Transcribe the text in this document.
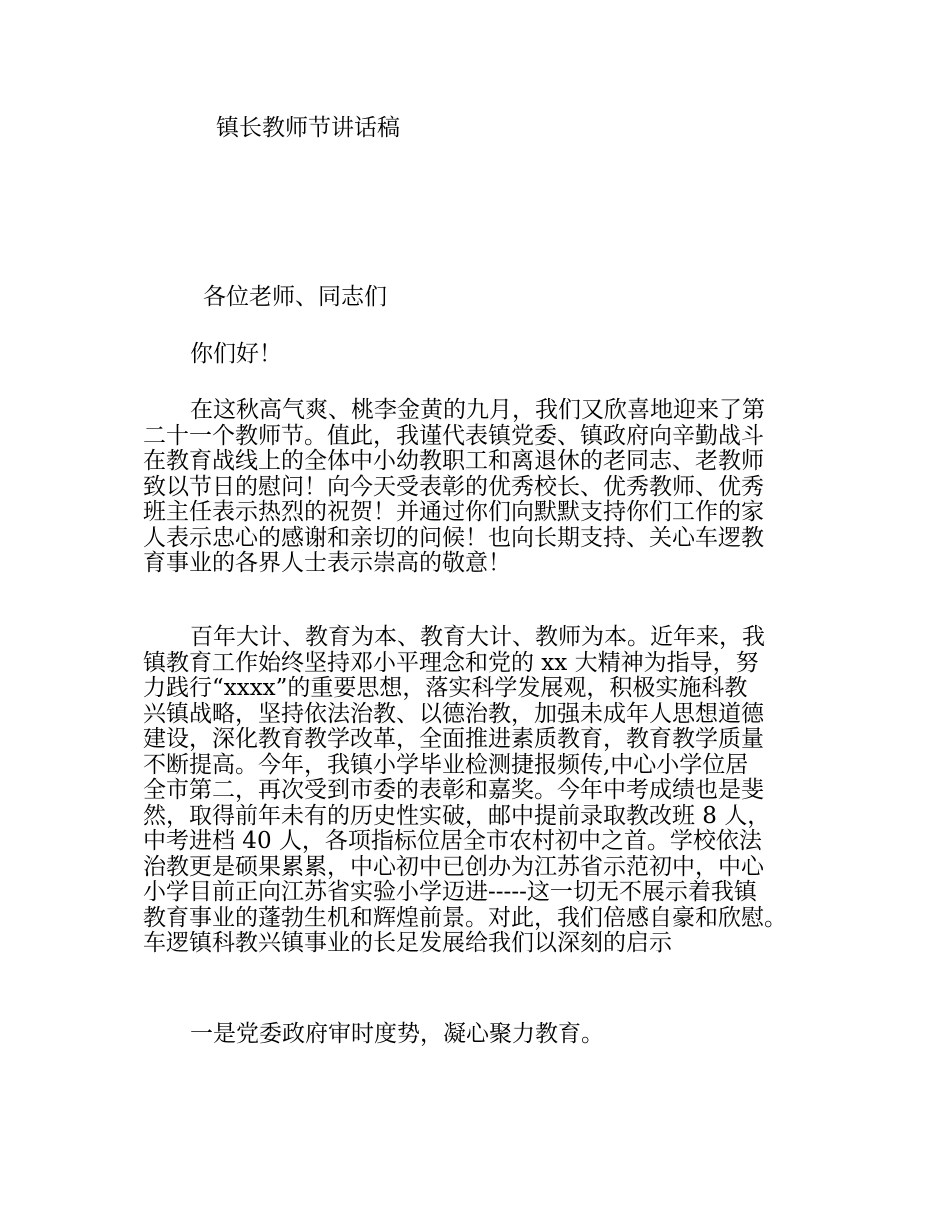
镇长教师节讲话稿
各位老师、同志们
你们好！
在这秋高气爽、桃李金黄的九月，我们又欣喜地迎来了第
二十一个教师节。值此，我谨代表镇党委、镇政府向辛勤战斗
在教育战线上的全体中小幼教职工和离退休的老同志、老教师
致以节日的慰问！向今天受表彰的优秀校长、优秀教师、优秀
班主任表示热烈的祝贺！并通过你们向默默支持你们工作的家
人表示忠心的感谢和亲切的问候！也向长期支持、关心车逻教
育事业的各界人士表示崇高的敬意！
百年大计、教育为本、教育大计、教师为本。近年来，我
镇教育工作始终坚持邓小平理念和党的 xx 大精神为指导，努
力践行“xxxx”的重要思想，落实科学发展观，积极实施科教
兴镇战略，坚持依法治教、以德治教，加强未成年人思想道德
建设，深化教育教学改革，全面推进素质教育，教育教学质量
不断提高。今年，我镇小学毕业检测捷报频传,中心小学位居
全市第二，再次受到市委的表彰和嘉奖。今年中考成绩也是斐
然，取得前年未有的历史性实破，邮中提前录取教改班 8 人，
中考进档 40 人，各项指标位居全市农村初中之首。学校依法
治教更是硕果累累，中心初中已创办为江苏省示范初中，中心
小学目前正向江苏省实验小学迈进-----这一切无不展示着我镇
教育事业的蓬勃生机和辉煌前景。对此，我们倍感自豪和欣慰。
车逻镇科教兴镇事业的长足发展给我们以深刻的启示
一是党委政府审时度势，凝心聚力教育。
